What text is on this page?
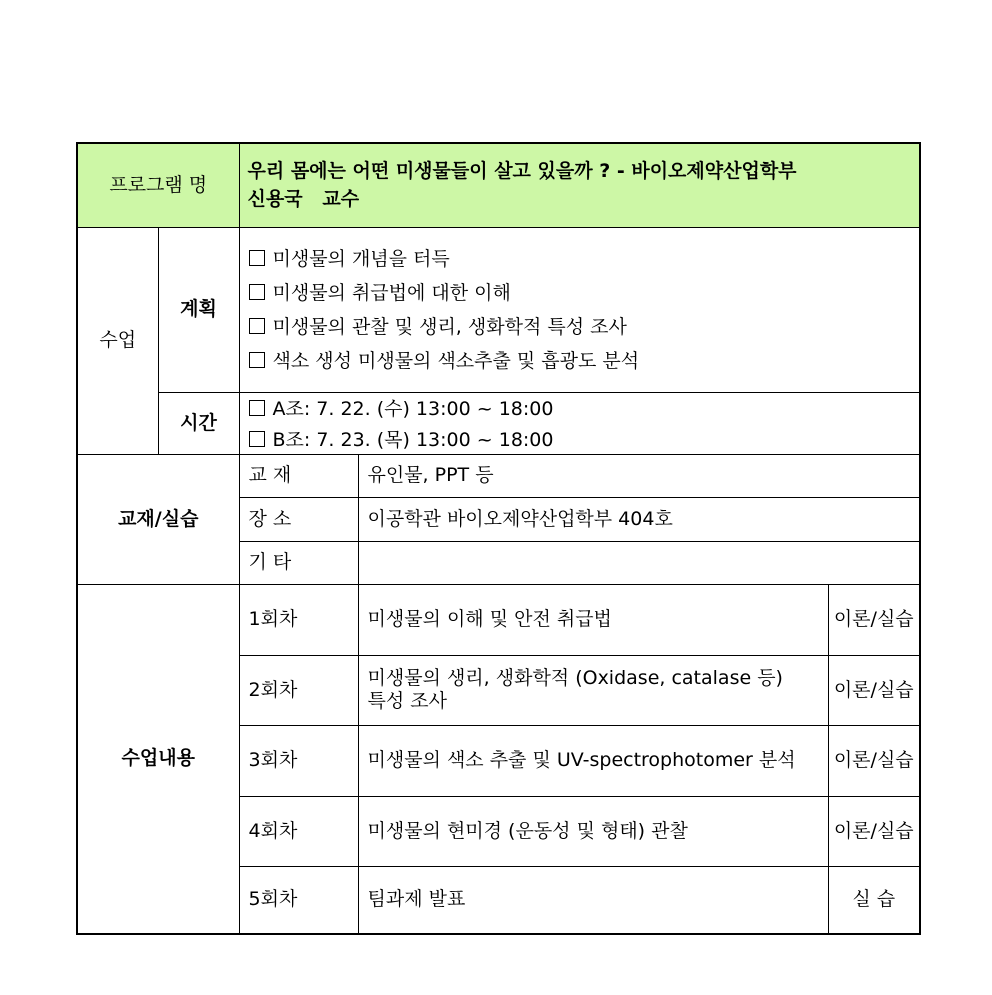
프로그램 명		우리 몸에는 어떤 미생물들이 살고 있을까 ? - 바이오제약산업학부
신용국   교수		

수업	계획	미생물의 개념을 터득
미생물의 취급법에 대한 이해
미생물의 관찰 및 생리, 생화학적 특성 조사
색소 생성 미생물의 색소추출 및 흡광도 분석		

	시간	A조: 7. 22. (수) 13:00 ~ 18:00
B조: 7. 23. (목) 13:00 ~ 18:00		

교재/실습		교 재	유인물, PPT 등	
		장 소	이공학관 바이오제약산업학부 404호	
		기 타		
수업내용		1회차	미생물의 이해 및 안전 취급법	이론/실습
		2회차	미생물의 생리, 생화학적 (Oxidase, catalase 등)
특성 조사	이론/실습
		3회차	미생물의 색소 추출 및 UV-spectrophotomer 분석	이론/실습
		4회차	미생물의 현미경 (운동성 및 형태) 관찰	이론/실습
		5회차	팀과제 발표	실 습
